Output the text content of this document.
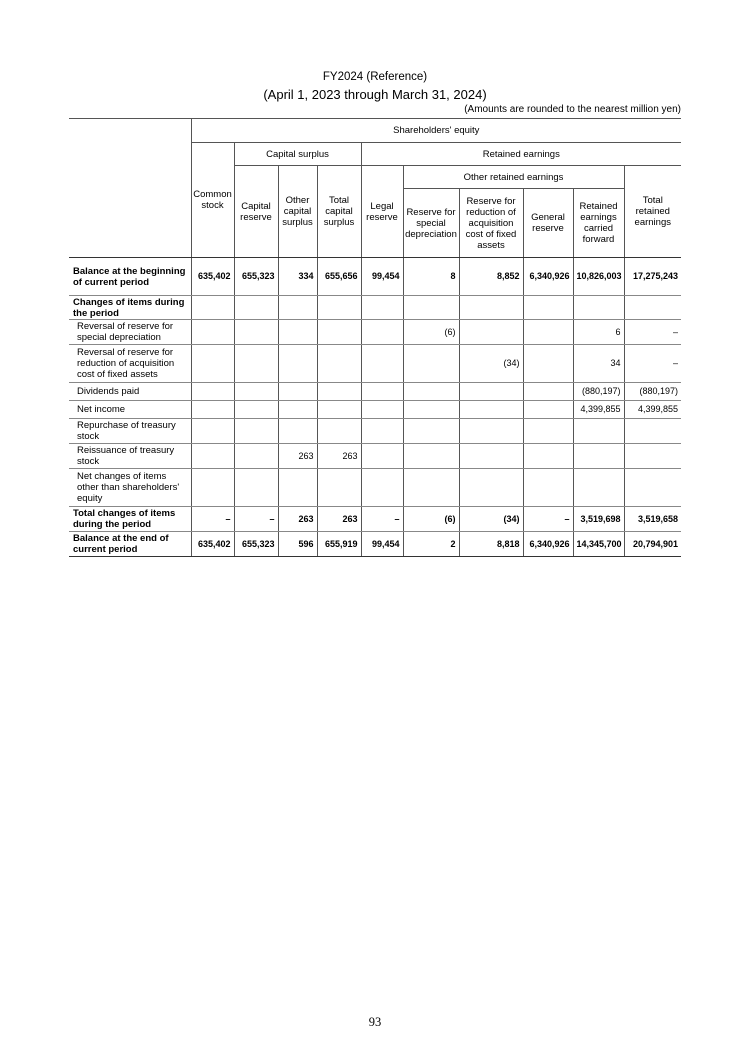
FY2024 (Reference)
(April 1, 2023 through March 31, 2024)
(Amounts are rounded to the nearest million yen)
	Shareholders' equity									
	Common stock	Capital surplus			Retained earnings					
		Capital reserve	Other capital surplus	Total capital surplus	Legal reserve	Other retained earnings				Total retained earnings
						Reserve for special depreciation	Reserve for reduction of acquisition cost of fixed assets	General reserve	Retained earnings carried forward	

Balance at the beginning of current period	635,402	655,323	334	655,656	99,454	8	8,852	6,340,926	10,826,003	17,275,243
Changes of items during the period										
Reversal of reserve for special depreciation						(6)			6	–
Reversal of reserve for reduction of acquisition cost of fixed assets							(34)		34	–
Dividends paid									(880,197)	(880,197)
Net income									4,399,855	4,399,855
Repurchase of treasury stock										
Reissuance of treasury stock			263	263						
Net changes of items other than shareholders' equity										
Total changes of items during the period	–	–	263	263	–	(6)	(34)	–	3,519,698	3,519,658
Balance at the end of current period	635,402	655,323	596	655,919	99,454	2	8,818	6,340,926	14,345,700	20,794,901
93
